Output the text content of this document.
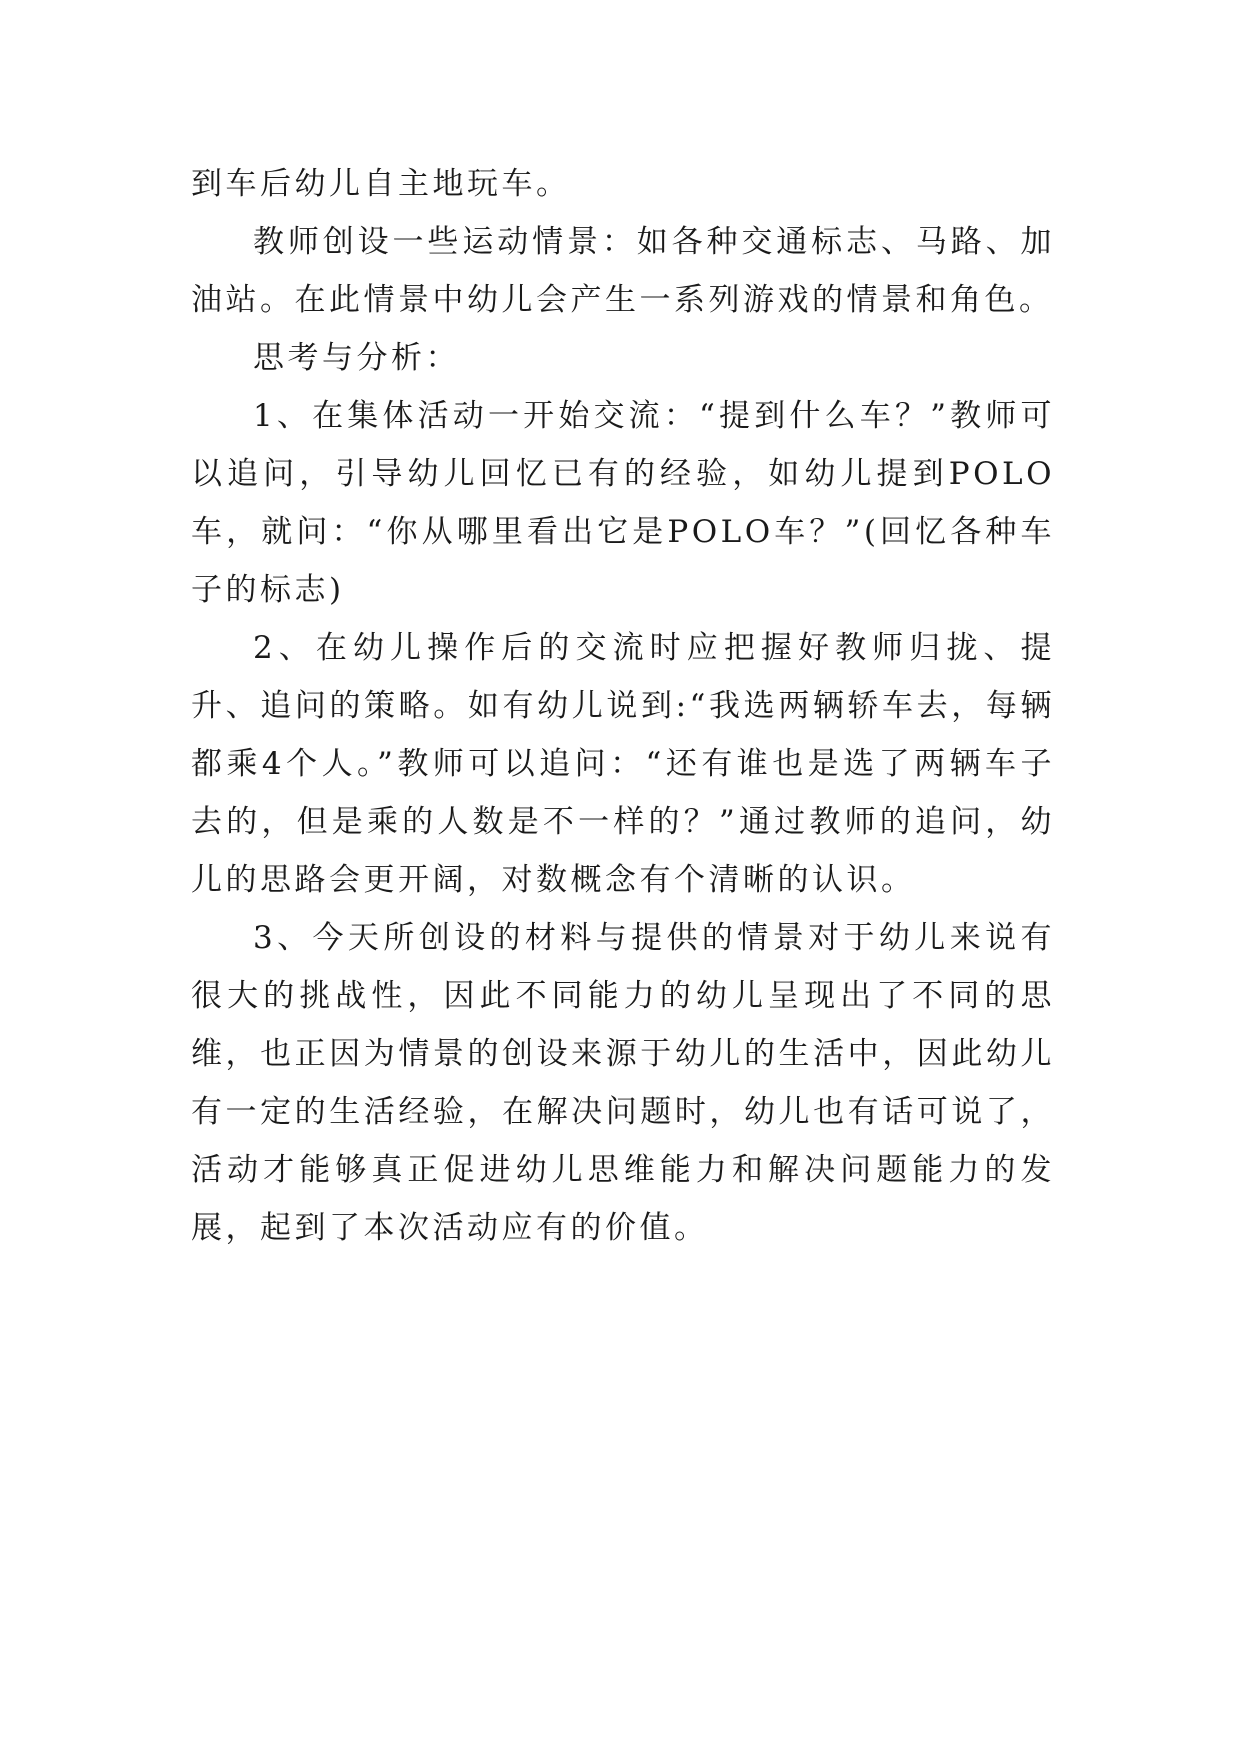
到车后幼儿自主地玩车。

教师创设一些运动情景：如各种交通标志、马路、加油站。在此情景中幼儿会产生一系列游戏的情景和角色。

思考与分析：

1、在集体活动一开始交流：“提到什么车？”教师可以追问，引导幼儿回忆已有的经验，如幼儿提到POLO车，就问：“你从哪里看出它是POLO车？”(回忆各种车子的标志)

2、在幼儿操作后的交流时应把握好教师归拢、提升、追问的策略。如有幼儿说到:“我选两辆轿车去，每辆都乘4个人。”教师可以追问：“还有谁也是选了两辆车子去的，但是乘的人数是不一样的？”通过教师的追问，幼儿的思路会更开阔，对数概念有个清晰的认识。

3、今天所创设的材料与提供的情景对于幼儿来说有很大的挑战性，因此不同能力的幼儿呈现出了不同的思维，也正因为情景的创设来源于幼儿的生活中，因此幼儿有一定的生活经验，在解决问题时，幼儿也有话可说了，活动才能够真正促进幼儿思维能力和解决问题能力的发展，起到了本次活动应有的价值。
